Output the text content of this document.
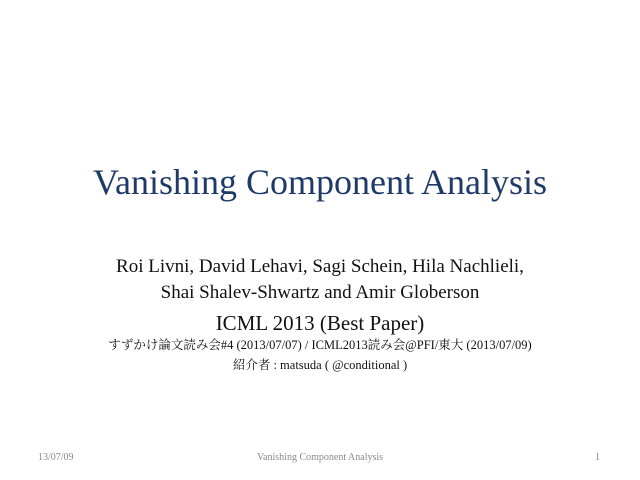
Vanishing Component Analysis
Roi Livni, David Lehavi, Sagi Schein, Hila Nachlieli,
Shai Shalev-Shwartz and Amir Globerson
ICML 2013 (Best Paper)
すずかけ論文読み会#4 (2013/07/07) / ICML2013読み会@PFI/東大 (2013/07/09)
紹介者 : matsuda ( @conditional )
13/07/09	Vanishing Component Analysis	1
